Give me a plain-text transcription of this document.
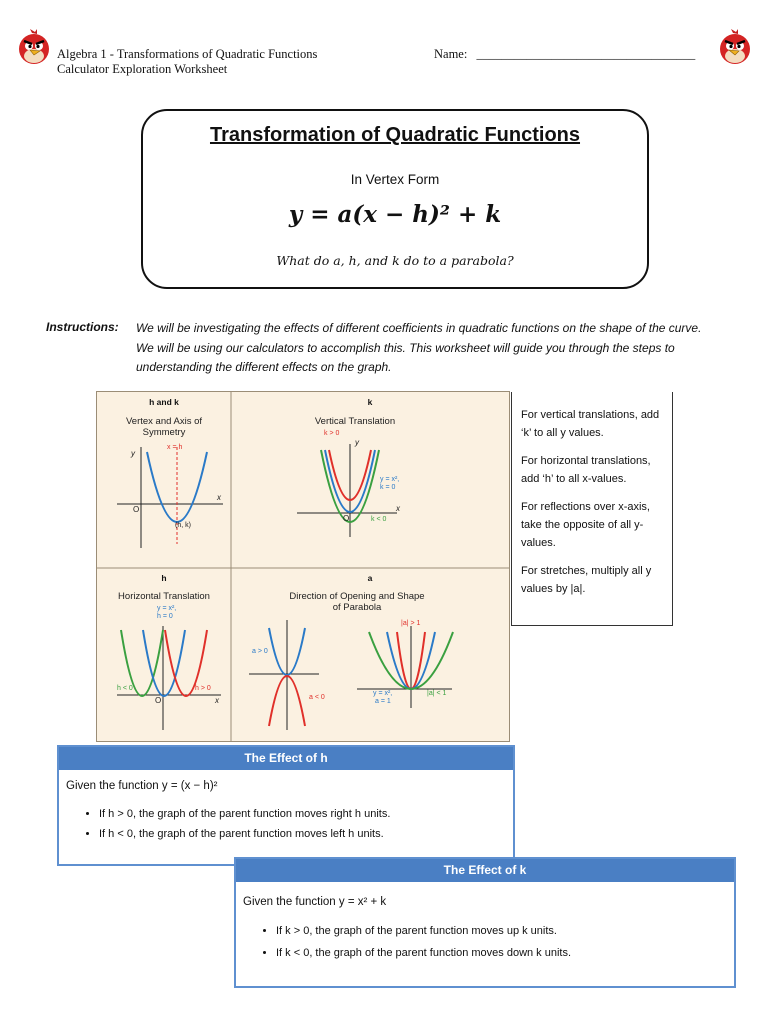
Algebra 1 - Transformations of Quadratic Functions
Calculator Exploration Worksheet
Name: ___________________________________
Transformation of Quadratic Functions
In Vertex Form
y = a(x − h)² + k
What do a, h, and k do to a parabola?
Instructions: We will be investigating the effects of different coefficients in quadratic functions on the shape of the curve. We will be using our calculators to accomplish this. This worksheet will guide you through the steps to understanding the different effects on the graph.
h and k
Vertex and Axis of Symmetry
x = h
(h, k)
y
x
O
k
Vertical Translation
k > 0
y = x²,
k = 0
k < 0
y
x
O
h
Horizontal Translation
y = x²,
h = 0
h < 0	h > 0
O	x
a
Direction of Opening and Shape of Parabola
a > 0
a < 0
|a| > 1
|a| < 1
y = x²,
a = 1

For vertical translations, add ‘k’ to all y values.

For horizontal translations, add ‘h’ to all x-values.

For reflections over x-axis, take the opposite of all y-values.

For stretches, multiply all y values by |a|.

The Effect of h
Given the function y = (x − h)²
• If h > 0, the graph of the parent function moves right h units.
• If h < 0, the graph of the parent function moves left h units.
The Effect of k
Given the function y = x² + k
• If k > 0, the graph of the parent function moves up k units.
• If k < 0, the graph of the parent function moves down k units.
